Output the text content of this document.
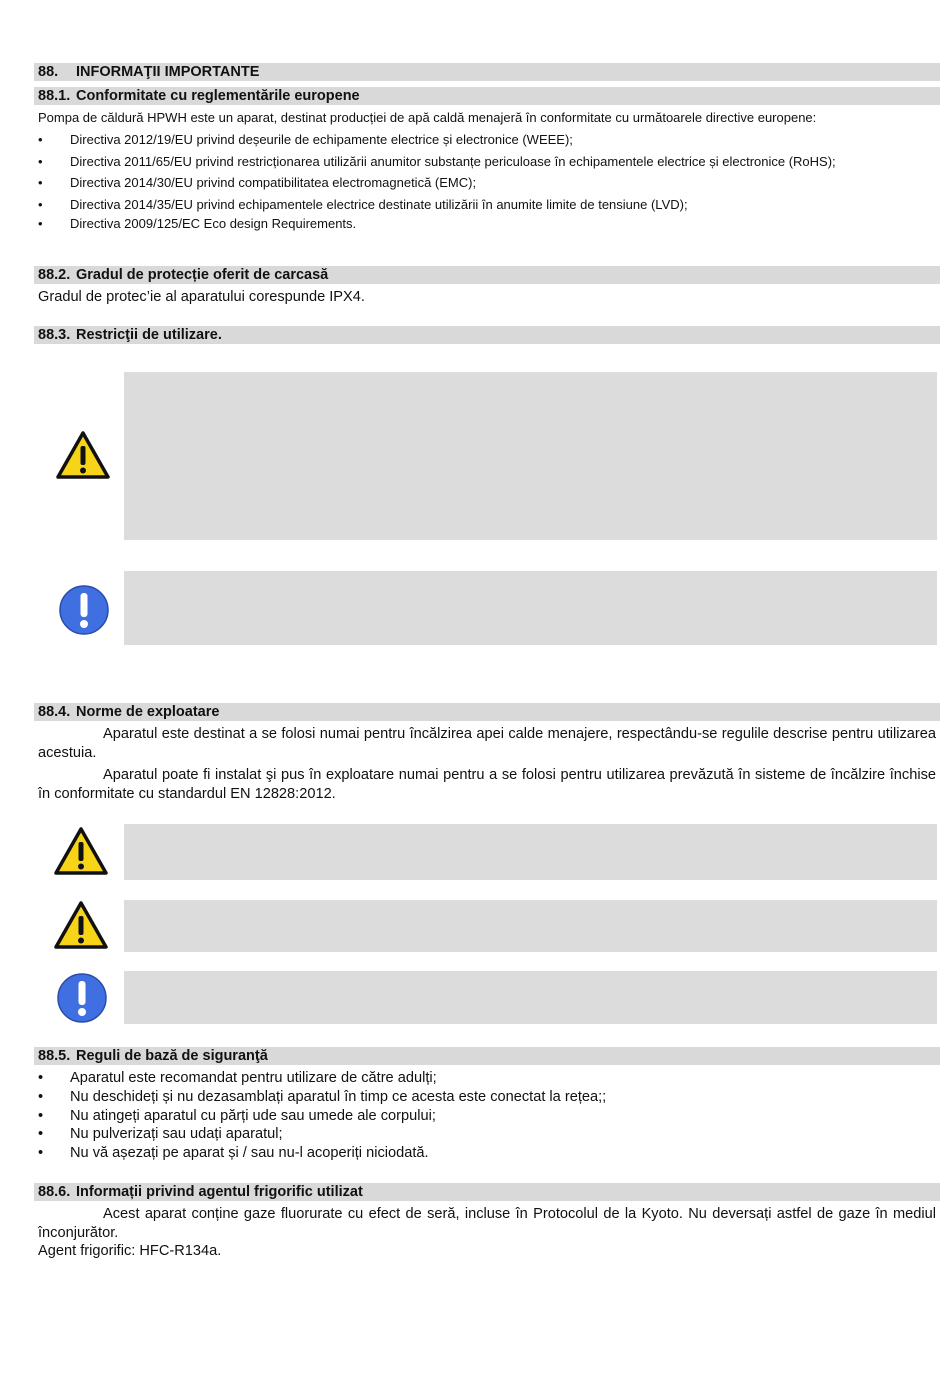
88. INFORMAŢII IMPORTANTE
88.1. Conformitate cu reglementările europene
Pompa de căldură HPWH este un aparat, destinat producției de apă caldă menajeră în conformitate cu următoarele directive europene:
• Directiva 2012/19/EU privind deșeurile de echipamente electrice și electronice (WEEE);
• Directiva 2011/65/EU privind restricționarea utilizării anumitor substanțe periculoase în echipamentele electrice și electronice (RoHS);
• Directiva 2014/30/EU privind compatibilitatea electromagnetică (EMC);
• Directiva 2014/35/EU privind echipamentele electrice destinate utilizării în anumite limite de tensiune (LVD);
• Directiva 2009/125/EC Eco design Requirements.
88.2. Gradul de protecție oferit de carcasă
Gradul de protec’ie al aparatului corespunde IPX4.
88.3. Restricţii de utilizare.
88.4. Norme de exploatare
Aparatul este destinat a se folosi numai pentru încălzirea apei calde menajere, respectându-se regulile descrise pentru utilizarea acestuia.
Aparatul poate fi instalat şi pus în exploatare numai pentru a se folosi pentru utilizarea prevăzută în sisteme de încălzire închise în conformitate cu standardul EN 12828:2012.
88.5. Reguli de bază de siguranţă
• Aparatul este recomandat pentru utilizare de către adulți;
• Nu deschideți și nu dezasamblați aparatul în timp ce acesta este conectat la rețea;;
• Nu atingeți aparatul cu părți ude sau umede ale corpului;
• Nu pulverizați sau udați aparatul;
• Nu vă așezați pe aparat și / sau nu-l acoperiți niciodată.
88.6. Informații privind agentul frigorific utilizat
Acest aparat conține gaze fluorurate cu efect de seră, incluse în Protocolul de la Kyoto. Nu deversați astfel de gaze în mediul înconjurător.
Agent frigorific: HFC-R134a.
